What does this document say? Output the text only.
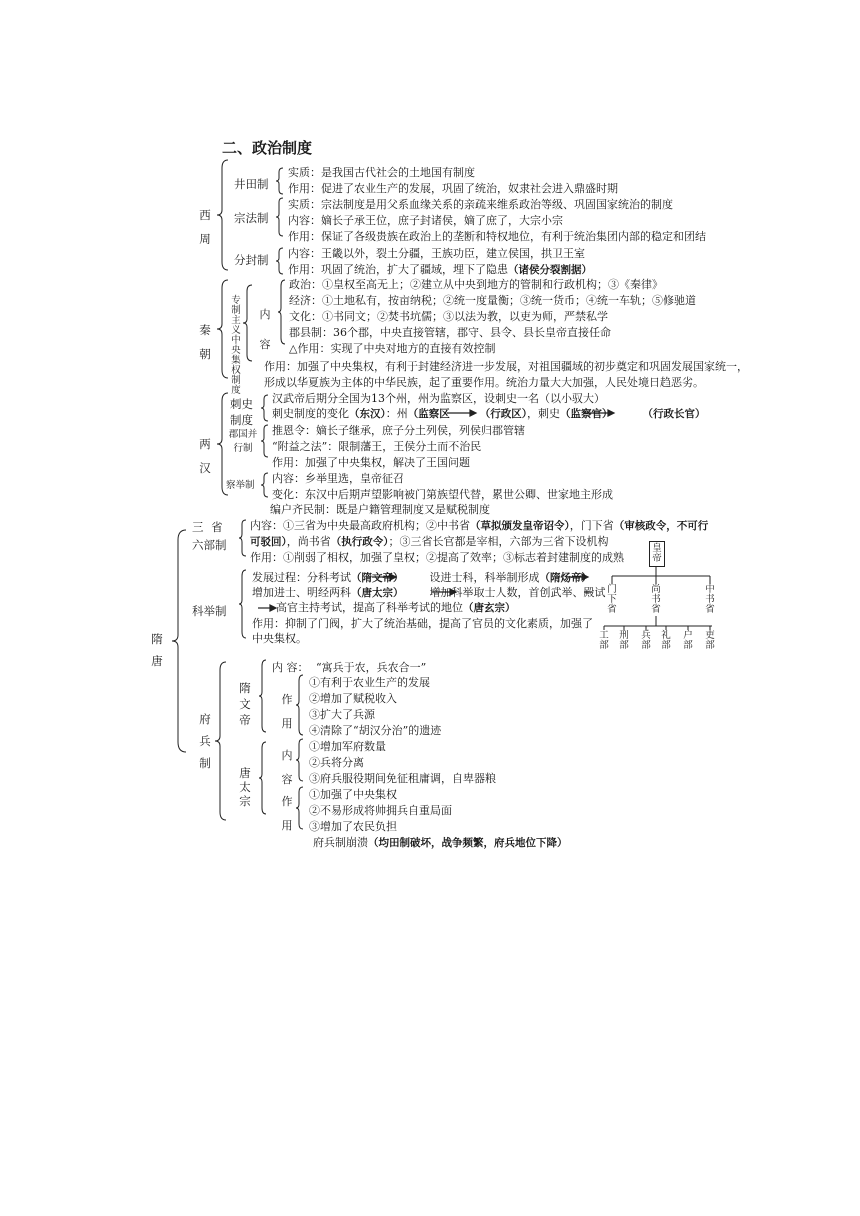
二、政治制度
西周
井田制
实质：是我国古代社会的土地国有制度
作用：促进了农业生产的发展，巩固了统治，奴隶社会进入鼎盛时期
宗法制
实质：宗法制度是用父系血缘关系的亲疏来维系政治等级、巩固国家统治的制度
内容：嫡长子承王位，庶子封诸侯，嫡了庶了，大宗小宗
作用：保证了各级贵族在政治上的垄断和特权地位，有利于统治集团内部的稳定和团结
分封制 内容：王畿以外，裂土分疆，王族功臣，建立侯国，拱卫王室
作用：巩固了统治，扩大了疆域，埋下了隐患（诸侯分裂割据）
秦朝
专制主义中央集权制度
内容
政治：①皇权至高无上；②建立从中央到地方的管制和行政机构；③《秦律》
经济：①土地私有，按亩纳税；②统一度量衡；③统一货币；④统一车轨；⑤修驰道
文化：①书同文；②焚书坑儒；③以法为教，以吏为师，严禁私学
郡县制：36个郡，中央直接管辖，郡守、县令、县长皇帝直接任命
△作用：实现了中央对地方的直接有效控制
作用：加强了中央集权，有利于封建经济进一步发展，对祖国疆域的初步奠定和巩固发展国家统一，
形成以华夏族为主体的中华民族，起了重要作用。统治力量大大加强，人民处境日趋恶劣。
两汉
刺史制度
汉武帝后期分全国为13个州，州为监察区，设刺史一名（以小驭大）
刺史制度的变化（东汉）：州（监察区	（行政区），刺史（监察官）	（行政长官）
郡国并行制
推恩令：嫡长子继承，庶子分土列侯，列侯归郡管辖
“附益之法”：限制藩王，王侯分土而不治民
作用：加强了中央集权，解决了王国问题
察举制
内容：乡举里选，皇帝征召
变化：东汉中后期声望影响被门第族望代替，累世公卿、世家地主形成
编户齐民制：既是户籍管理制度又是赋税制度
隋唐
三 省
六部制
内容：①三省为中央最高政府机构；②中书省（草拟颁发皇帝诏令），门下省（审核政令，不可行
可驳回），尚书省（执行政令）；③三省长官都是宰相，六部为三省下设机构
作用：①削弱了相权，加强了皇权；②提高了效率；③标志着封建制度的成熟
科举制
发展过程：分科考试（隋文帝） 设进士科，科举制形成（隋炀帝）
增加进士、明经两科（唐太宗） 增加科举取士人数，首创武举、殿试
高官主持考试，提高了科举考试的地位（唐玄宗）
作用：抑制了门阀，扩大了统治基础，提高了官员的文化素质，加强了
中央集权。
府兵制
隋文帝
内 容： “寓兵于农，兵农合一”
作用
①有利于农业生产的发展
②增加了赋税收入
③扩大了兵源
④清除了“胡汉分治”的遗迹
唐太宗
内容
①增加军府数量
②兵将分离
③府兵服役期间免征租庸调，自卑器粮
作用
①加强了中央集权
②不易形成将帅拥兵自重局面
③增加了农民负担
府兵制崩溃（均田制破坏，战争频繁，府兵地位下降）
皇帝
门下省
尚书省
中书省
工部
刑部
兵部
礼部
户部
吏部
